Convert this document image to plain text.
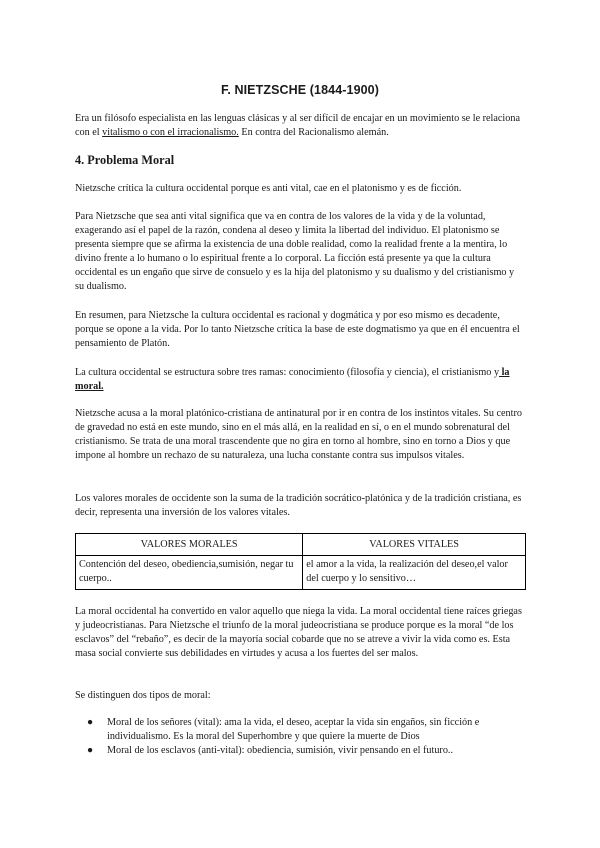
F. NIETZSCHE (1844-1900)

Era un filósofo especialista en las lenguas clásicas y al ser difícil de encajar en un movimiento se le relaciona con el vitalismo o con el irracionalismo. En contra del Racionalismo alemán.

4. Problema Moral

Nietzsche crítica la cultura occidental porque es anti vital, cae en el platonismo y es de ficción.

Para Nietzsche que sea anti vital significa que va en contra de los valores de la vida y de la voluntad, exagerando así el papel de la razón, condena al deseo y limita la libertad del individuo. El platonismo se presenta siempre que se afirma la existencia de una doble realidad, como la realidad frente a la mentira, lo divino frente a lo humano o lo espiritual frente a lo corporal. La ficción está presente ya que la cultura occidental es un engaño que sirve de consuelo y es la hija del platonismo y su dualismo y del cristianismo y su dualismo.

En resumen, para Nietzsche la cultura occidental es racional y dogmática y por eso mismo es decadente, porque se opone a la vida. Por lo tanto Nietzsche crítica la base de este dogmatismo ya que en él encuentra el pensamiento de Platón.

La cultura occidental se estructura sobre tres ramas: conocimiento (filosofía y ciencia), el cristianismo y la moral.

Nietzsche acusa a la moral platónico-cristiana de antinatural por ir en contra de los instintos vitales. Su centro de gravedad no está en este mundo, sino en el más allá, en la realidad en sí, o en el mundo sobrenatural del cristianismo. Se trata de una moral trascendente que no gira en torno al hombre, sino en torno a Dios y que impone al hombre un rechazo de su naturaleza, una lucha constante contra sus impulsos vitales.

Los valores morales de occidente son la suma de la tradición socrático-platónica y de la tradición cristiana, es decir, representa una inversión de los valores vitales.

VALORES MORALES	VALORES VITALES
Contención del deseo, obediencia,sumisión, negar tu cuerpo..	el amor a la vida, la realización del deseo,el valor del cuerpo y lo sensitivo…

La moral occidental ha convertido en valor aquello que niega la vida. La moral occidental tiene raíces griegas y judeocristianas. Para Nietzsche el triunfo de la moral judeocristiana se produce porque es la moral “de los esclavos” del “rebaño”, es decir de la mayoría social cobarde que no se atreve a vivir la vida como es. Esta masa social convierte sus debilidades en virtudes y acusa a los fuertes del ser malos.

Se distinguen dos tipos de moral:

● Moral de los señores (vital): ama la vida, el deseo, aceptar la vida sin engaños, sin ficción e individualismo. Es la moral del Superhombre y que quiere la muerte de Dios
● Moral de los esclavos (anti-vital): obediencia, sumisión, vivir pensando en el futuro..
